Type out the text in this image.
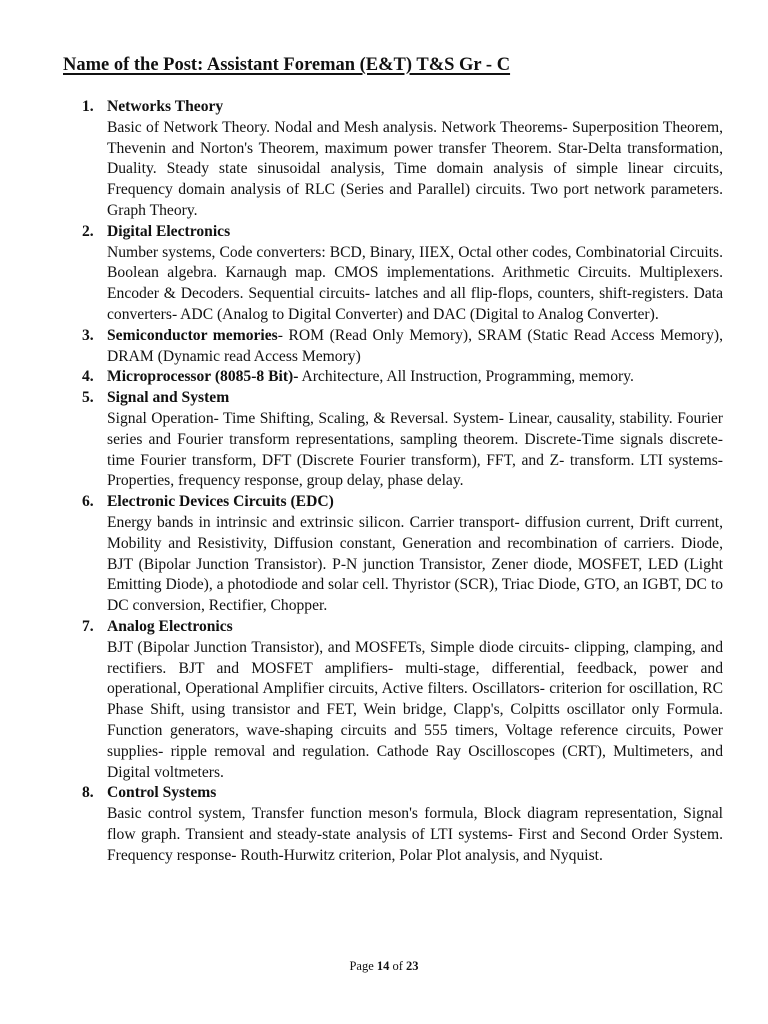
Name of the Post: Assistant Foreman (E&T) T&S Gr - C
1. Networks Theory
Basic of Network Theory. Nodal and Mesh analysis. Network Theorems- Superposition Theorem, Thevenin and Norton's Theorem, maximum power transfer Theorem. Star-Delta transformation, Duality. Steady state sinusoidal analysis, Time domain analysis of simple linear circuits, Frequency domain analysis of RLC (Series and Parallel) circuits. Two port network parameters. Graph Theory.
2. Digital Electronics
Number systems, Code converters: BCD, Binary, IIEX, Octal other codes, Combinatorial Circuits. Boolean algebra. Karnaugh map. CMOS implementations. Arithmetic Circuits. Multiplexers. Encoder & Decoders. Sequential circuits- latches and all flip-flops, counters, shift-registers. Data converters- ADC (Analog to Digital Converter) and DAC (Digital to Analog Converter).
3. Semiconductor memories- ROM (Read Only Memory), SRAM (Static Read Access Memory), DRAM (Dynamic read Access Memory)
4. Microprocessor (8085-8 Bit)- Architecture, All Instruction, Programming, memory.
5. Signal and System
Signal Operation- Time Shifting, Scaling, & Reversal. System- Linear, causality, stability. Fourier series and Fourier transform representations, sampling theorem. Discrete-Time signals discrete-time Fourier transform, DFT (Discrete Fourier transform), FFT, and Z- transform. LTI systems- Properties, frequency response, group delay, phase delay.
6. Electronic Devices Circuits (EDC)
Energy bands in intrinsic and extrinsic silicon. Carrier transport- diffusion current, Drift current, Mobility and Resistivity, Diffusion constant, Generation and recombination of carriers. Diode, BJT (Bipolar Junction Transistor). P-N junction Transistor, Zener diode, MOSFET, LED (Light Emitting Diode), a photodiode and solar cell. Thyristor (SCR), Triac Diode, GTO, an IGBT, DC to DC conversion, Rectifier, Chopper.
7. Analog Electronics
BJT (Bipolar Junction Transistor), and MOSFETs, Simple diode circuits- clipping, clamping, and rectifiers. BJT and MOSFET amplifiers- multi-stage, differential, feedback, power and operational, Operational Amplifier circuits, Active filters. Oscillators- criterion for oscillation, RC Phase Shift, using transistor and FET, Wein bridge, Clapp's, Colpitts oscillator only Formula. Function generators, wave-shaping circuits and 555 timers, Voltage reference circuits, Power supplies- ripple removal and regulation. Cathode Ray Oscilloscopes (CRT), Multimeters, and Digital voltmeters.
8. Control Systems
Basic control system, Transfer function meson's formula, Block diagram representation, Signal flow graph. Transient and steady-state analysis of LTI systems- First and Second Order System. Frequency response- Routh-Hurwitz criterion, Polar Plot analysis, and Nyquist.
Page 14 of 23
